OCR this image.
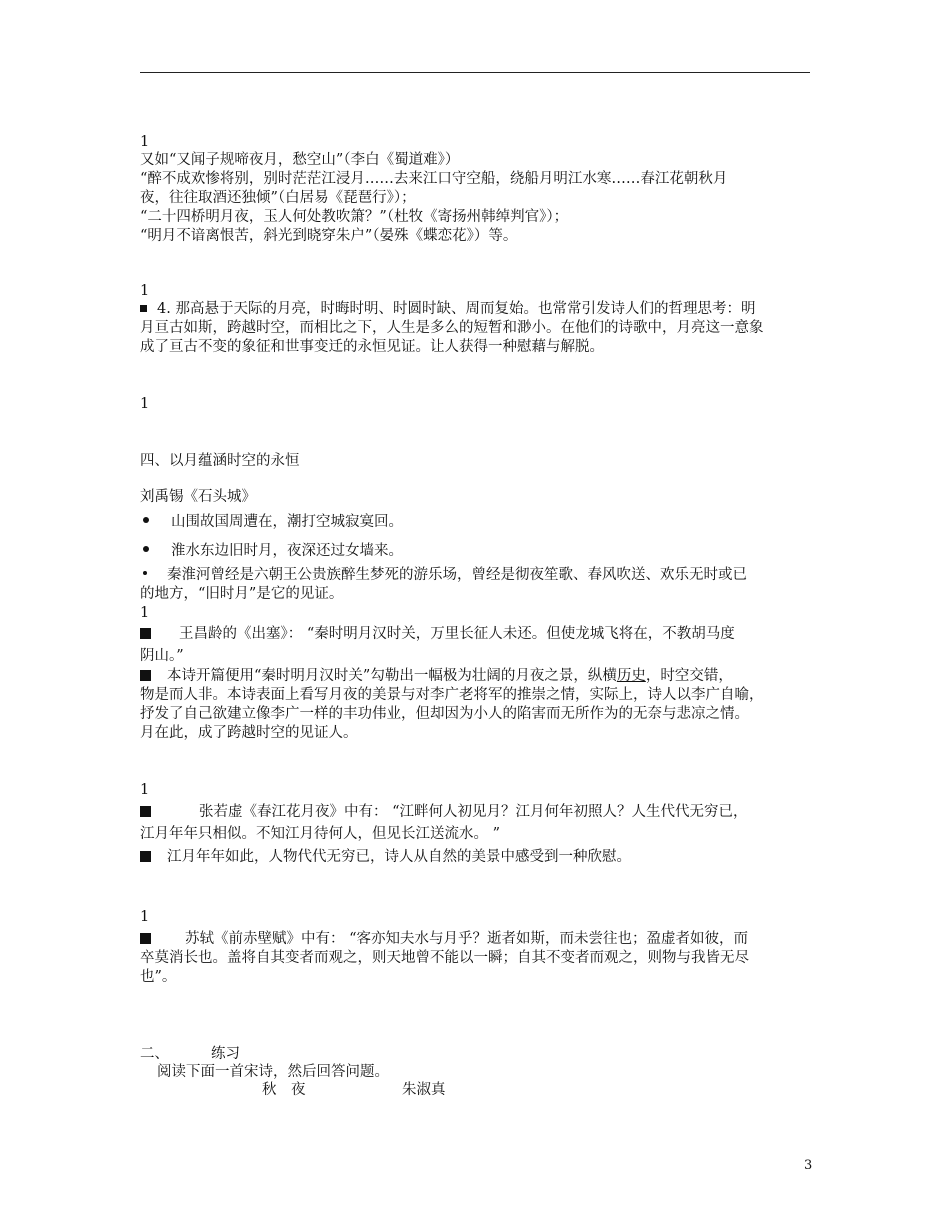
1
又如“又闻子规啼夜月，愁空山”（李白《蜀道难》）
“醉不成欢惨将别，别时茫茫江浸月……去来江口守空船，绕船月明江水寒……春江花朝秋月
夜，往往取酒还独倾”（白居易《琵琶行》）；
“二十四桥明月夜，玉人何处教吹箫？”（杜牧《寄扬州韩绰判官》）；
“明月不谙离恨苦，斜光到晓穿朱户”（晏殊《蝶恋花》）等。
1
4. 那高悬于天际的月亮，时晦时明、时圆时缺、周而复始。也常常引发诗人们的哲理思考：明
月亘古如斯，跨越时空，而相比之下，人生是多么的短暂和渺小。在他们的诗歌中，月亮这一意象
成了亘古不变的象征和世事变迁的永恒见证。让人获得一种慰藉与解脱。
1
四、以月蕴涵时空的永恒
刘禹锡《石头城》
山围故国周遭在，潮打空城寂寞回。
淮水东边旧时月，夜深还过女墙来。
秦淮河曾经是六朝王公贵族醉生梦死的游乐场，曾经是彻夜笙歌、春风吹送、欢乐无时或已
的地方，“旧时月”是它的见证。
1
王昌龄的《出塞》： “秦时明月汉时关，万里长征人未还。但使龙城飞将在，不教胡马度
阴山。”
本诗开篇便用“秦时明月汉时关”勾勒出一幅极为壮阔的月夜之景，纵横历史，时空交错，
物是而人非。本诗表面上看写月夜的美景与对李广老将军的推崇之情，实际上，诗人以李广自喻，
抒发了自己欲建立像李广一样的丰功伟业，但却因为小人的陷害而无所作为的无奈与悲凉之情。
月在此，成了跨越时空的见证人。
1
张若虚《春江花月夜》中有： “江畔何人初见月？江月何年初照人？人生代代无穷已，
江月年年只相似。不知江月待何人，但见长江送流水。 ”
江月年年如此，人物代代无穷已，诗人从自然的美景中感受到一种欣慰。
1
苏轼《前赤壁赋》中有： “客亦知夫水与月乎？逝者如斯，而未尝往也；盈虚者如彼，而
卒莫消长也。盖将自其变者而观之，则天地曾不能以一瞬；自其不变者而观之，则物与我皆无尽
也”。
二、	练习
阅读下面一首宋诗，然后回答问题。
秋　夜	朱淑真
3
